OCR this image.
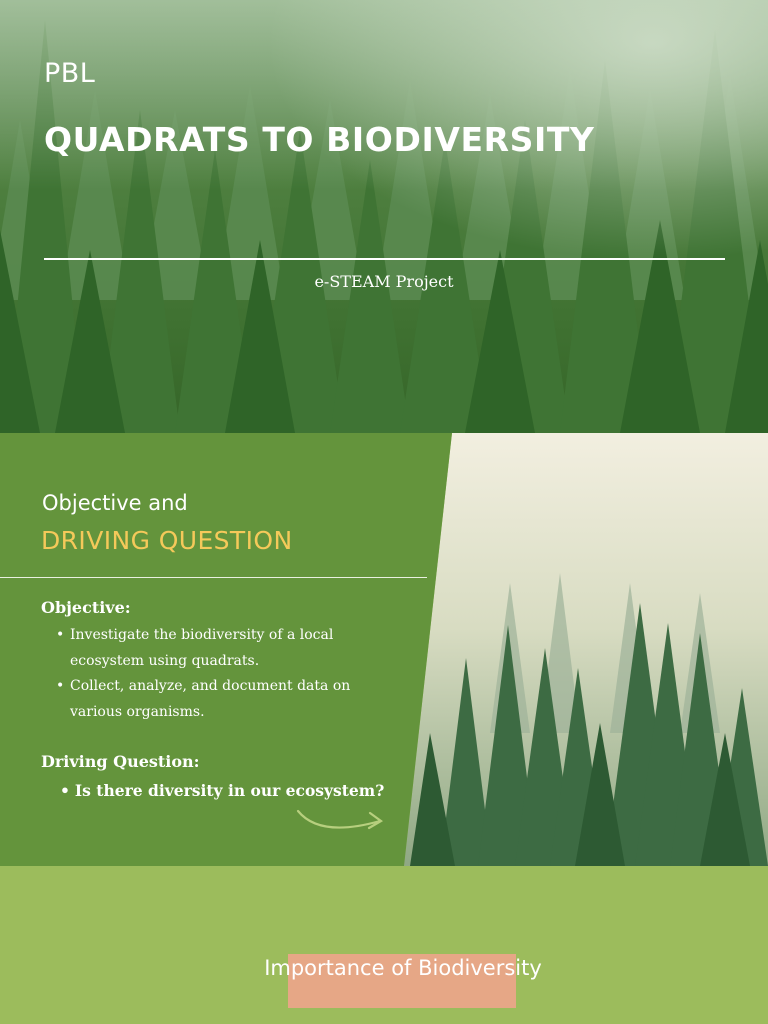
PBL
QUADRATS TO BIODIVERSITY
e-STEAM Project
Objective and
DRIVING QUESTION
Objective:
• Investigate the biodiversity of a local ecosystem using quadrats.
• Collect, analyze, and document data on various organisms.
Driving Question:
• Is there diversity in our ecosystem?
Importance of Biodiversity
